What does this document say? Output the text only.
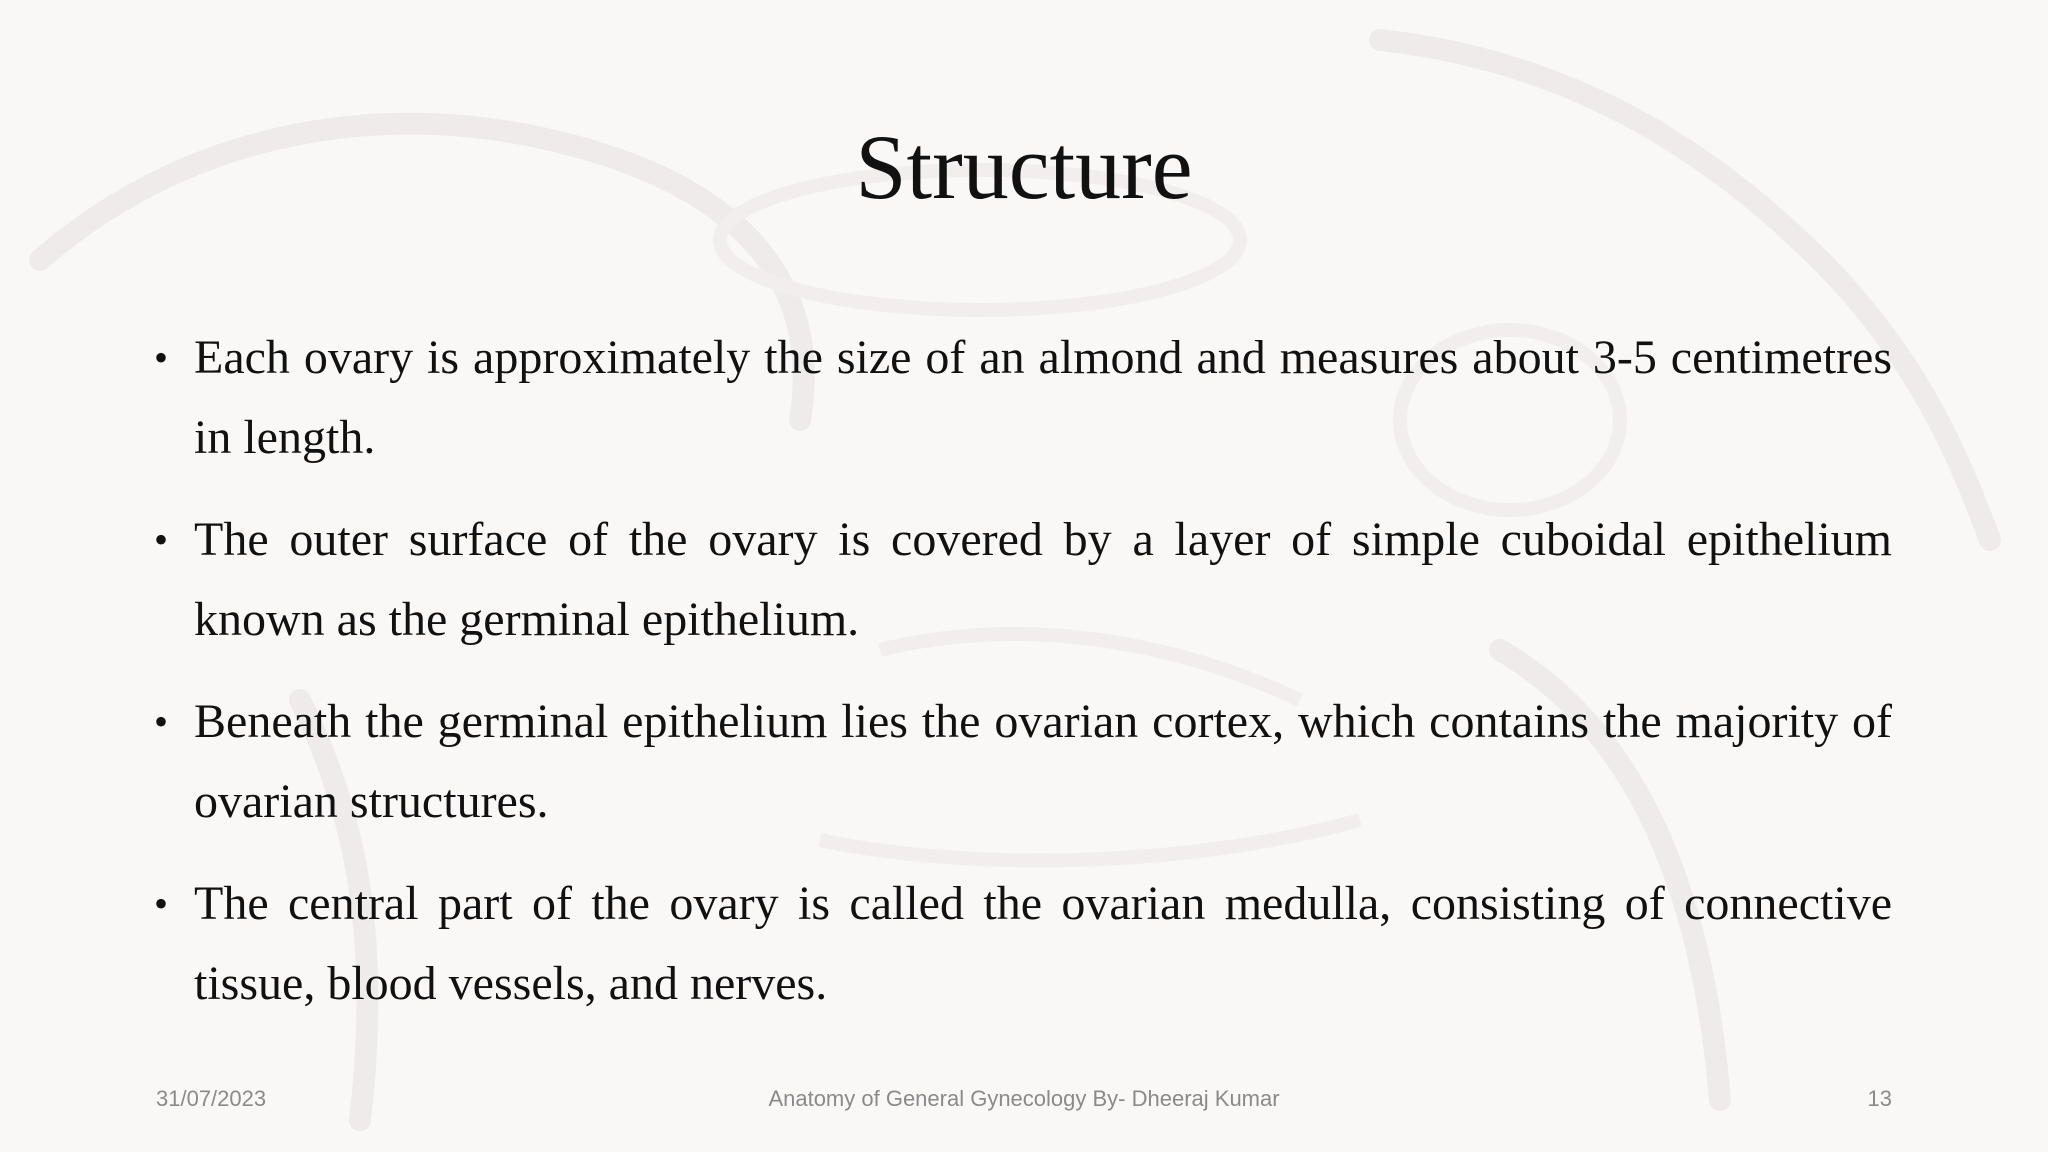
Structure
• Each ovary is approximately the size of an almond and measures about 3-5 centimetres in length.
• The outer surface of the ovary is covered by a layer of simple cuboidal epithelium known as the germinal epithelium.
• Beneath the germinal epithelium lies the ovarian cortex, which contains the majority of ovarian structures.
• The central part of the ovary is called the ovarian medulla, consisting of connective tissue, blood vessels, and nerves.
31/07/2023	Anatomy of General Gynecology By- Dheeraj Kumar	13
